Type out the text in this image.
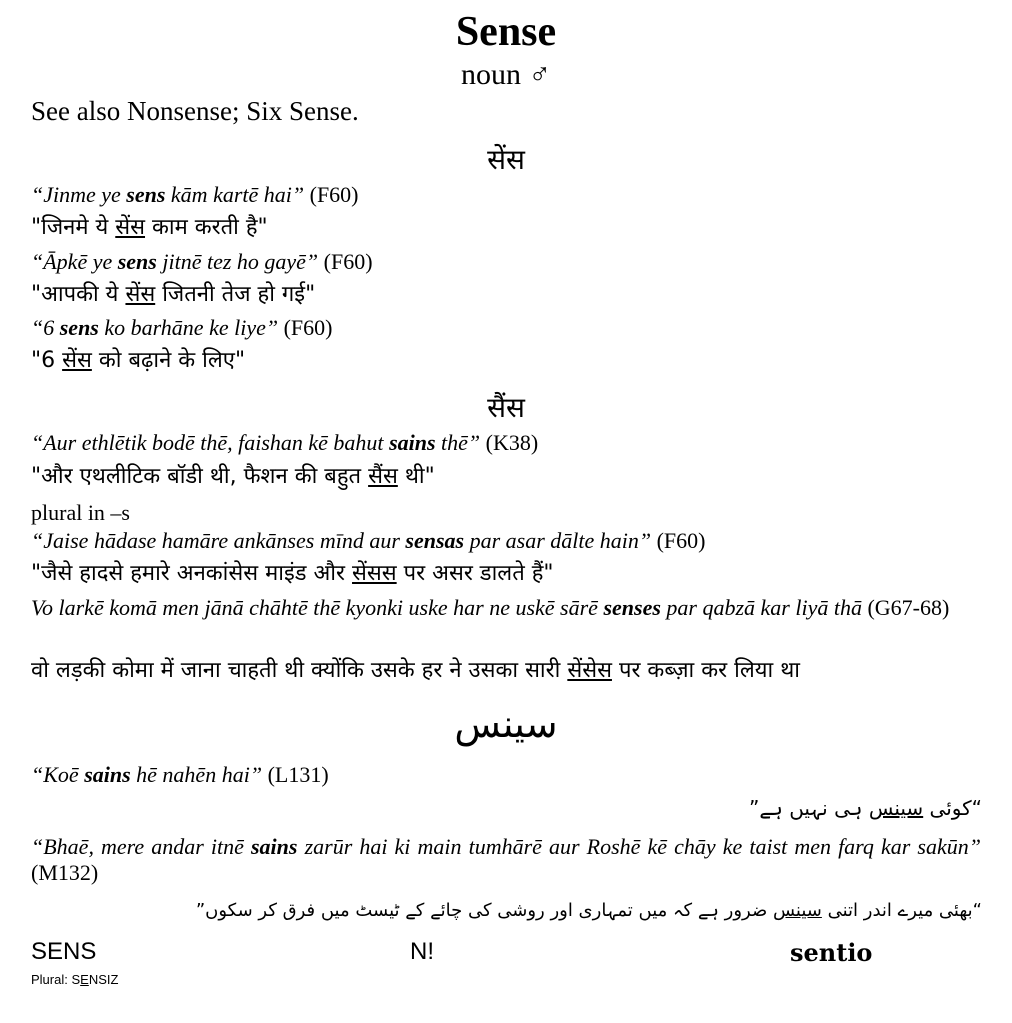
Sense
noun ♂
See also Nonsense; Six Sense.
सेंस
“Jinme ye sens kām kartē hai” (F60)
"जिनमे ये सेंस काम करती है"
“Āpkē ye sens jitnē tez ho gayē” (F60)
"आपकी ये सेंस जितनी तेज हो गई"
“6 sens ko barhāne ke liye” (F60)
"6 सेंस को बढ़ाने के लिए"
सैंस
“Aur ethlētik bodē thē, faishan kē bahut sains thē” (K38)
"और एथलीटिक बॉडी थी, फैशन की बहुत सैंस थी"
plural in –s
“Jaise hādase hamāre ankānses mīnd aur sensas par asar dālte hain” (F60)
"जैसे हादसे हमारे अनकांसेस माइंड और सेंसस पर असर डालते हैं"
Vo larkē komā men jānā chāhtē thē kyonki uske har ne uskē sārē senses par qabzā kar liyā thā (G67-68)
वो लड़की कोमा में जाना चाहती थी क्योंकि उसके हर ने उसका सारी सेंसेस पर कब्ज़ा कर लिया था
سینس
“Koē sains hē nahēn hai” (L131)
“کوئی سینس ہی نہیں ہے”
“Bhaē, mere andar itnē sains zarūr hai ki main tumhārē aur Roshē kē chāy ke taist men farq kar sakūn” (M132)
“بھئی میرے اندر اتنی سینس ضرور ہے کہ میں تمہاری اور روشی کی چائے کے ٹیسٹ میں فرق کر سکوں”
SENS
Plural: SENSIZ
N!	sentio
